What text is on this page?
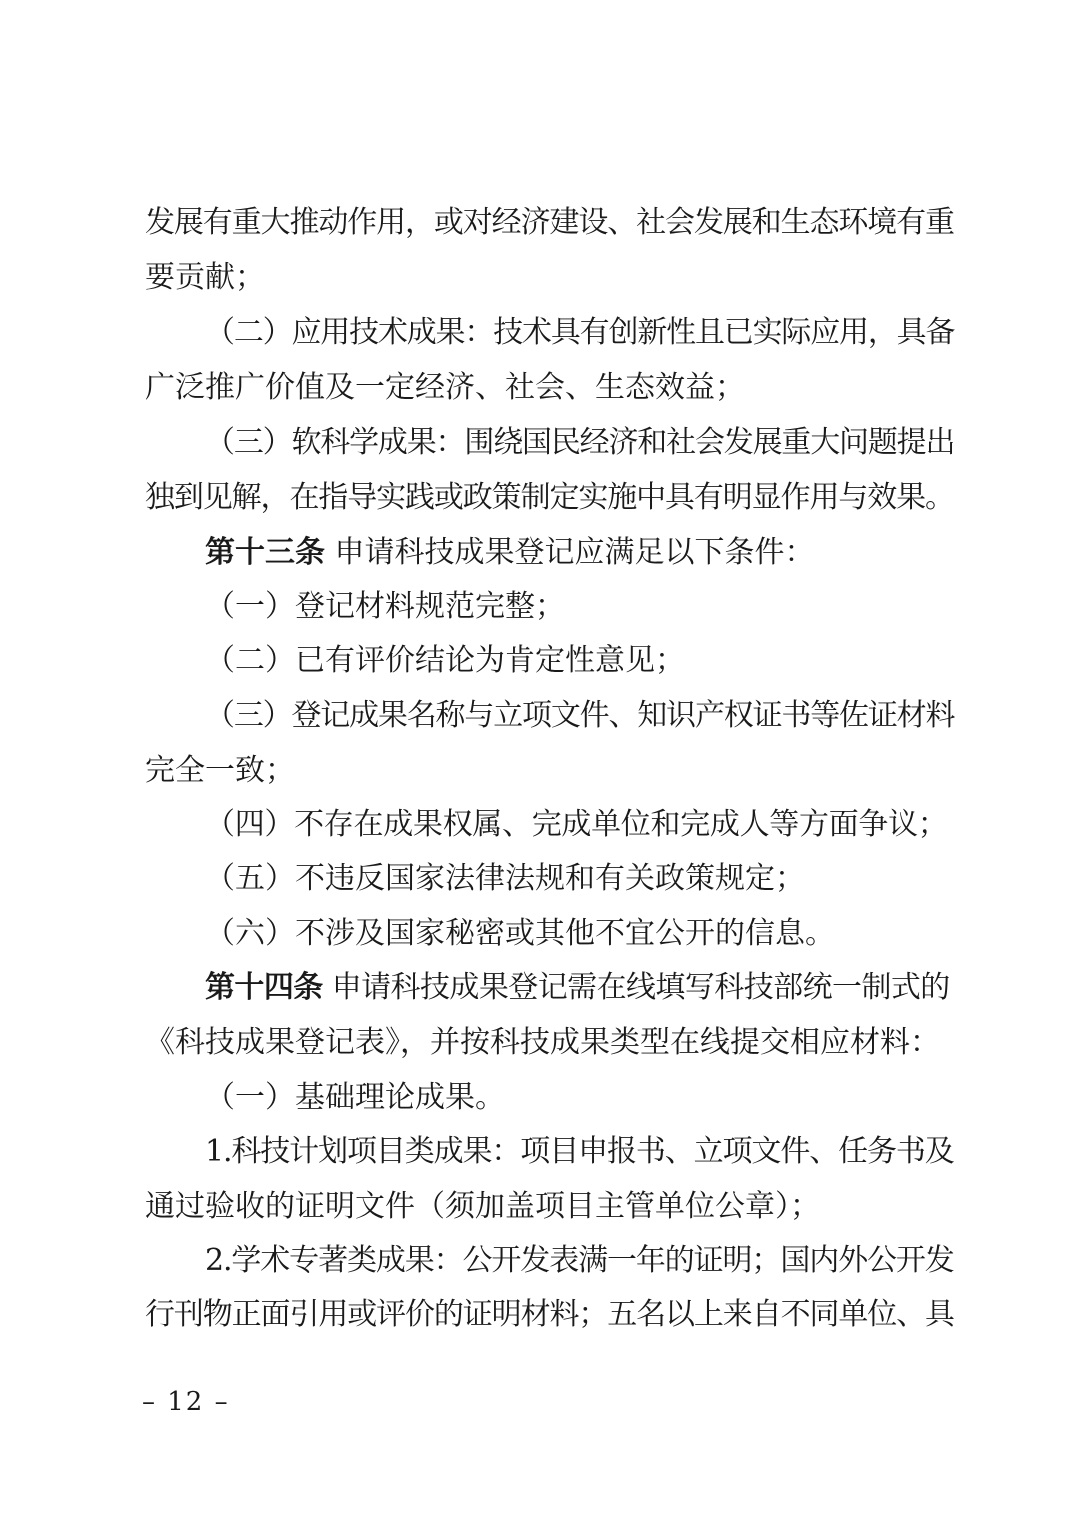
发展有重大推动作用，或对经济建设、社会发展和生态环境有重
要贡献；
（二）应用技术成果：技术具有创新性且已实际应用，具备
广泛推广价值及一定经济、社会、生态效益；
（三）软科学成果：围绕国民经济和社会发展重大问题提出
独到见解，在指导实践或政策制定实施中具有明显作用与效果。
第十三条 申请科技成果登记应满足以下条件：
（一）登记材料规范完整；
（二）已有评价结论为肯定性意见；
（三）登记成果名称与立项文件、知识产权证书等佐证材料
完全一致；
（四）不存在成果权属、完成单位和完成人等方面争议；
（五）不违反国家法律法规和有关政策规定；
（六）不涉及国家秘密或其他不宜公开的信息。
第十四条 申请科技成果登记需在线填写科技部统一制式的
《科技成果登记表》，并按科技成果类型在线提交相应材料：
（一）基础理论成果。
1.科技计划项目类成果：项目申报书、立项文件、任务书及
通过验收的证明文件（须加盖项目主管单位公章）；
2.学术专著类成果：公开发表满一年的证明；国内外公开发
行刊物正面引用或评价的证明材料；五名以上来自不同单位、具
– 12 –
